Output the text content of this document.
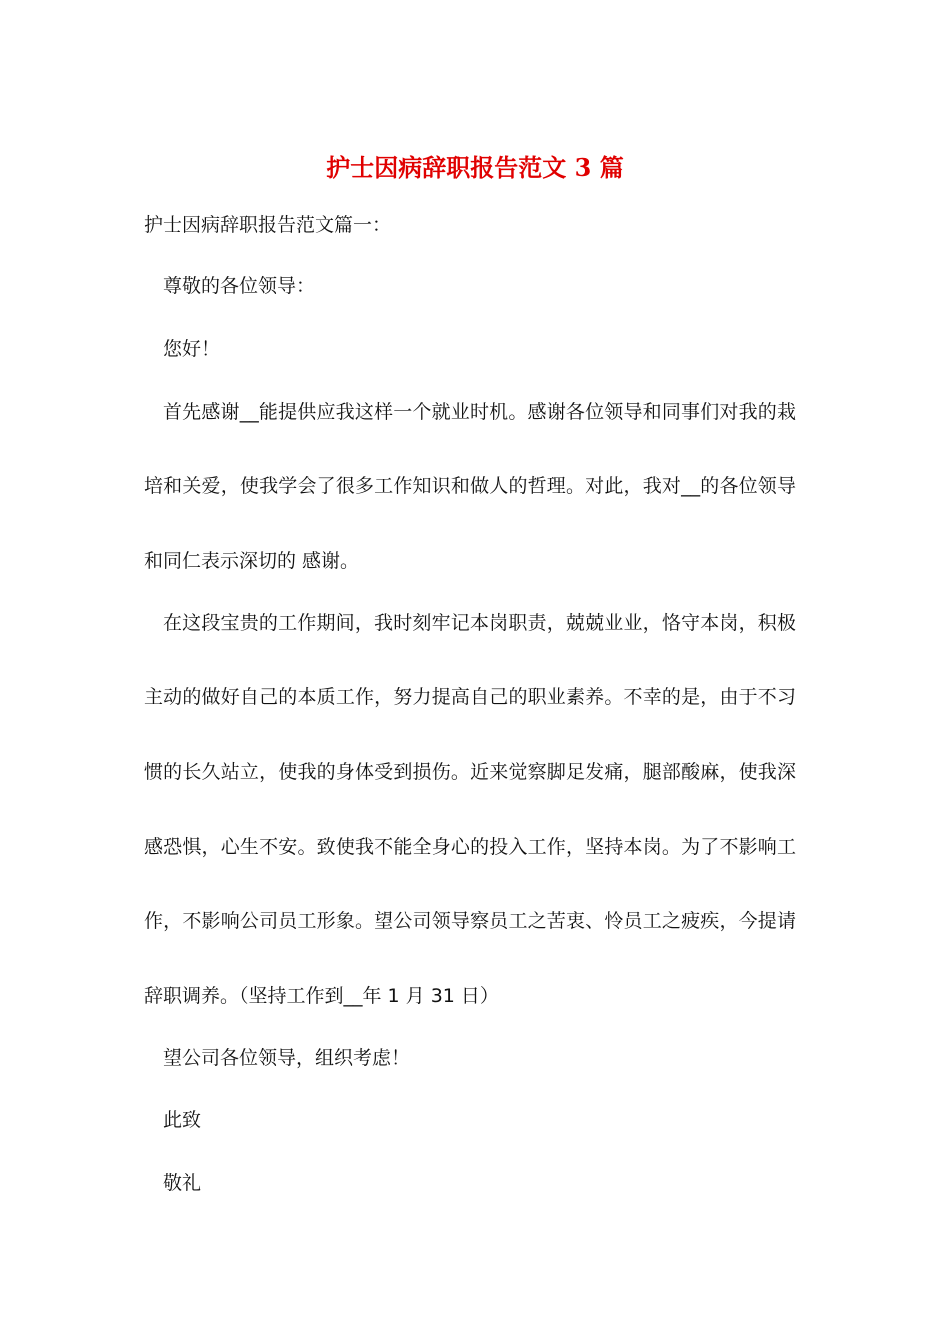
护士因病辞职报告范文 3 篇
护士因病辞职报告范文篇一：
尊敬的各位领导：
您好！
首先感谢__能提供应我这样一个就业时机。感谢各位领导和同事们对我的栽
培和关爱，使我学会了很多工作知识和做人的哲理。对此，我对__的各位领导
和同仁表示深切的 感谢。
在这段宝贵的工作期间，我时刻牢记本岗职责，兢兢业业，恪守本岗，积极
主动的做好自己的本质工作，努力提高自己的职业素养。不幸的是，由于不习
惯的长久站立，使我的身体受到损伤。近来觉察脚足发痛，腿部酸麻，使我深
感恐惧，心生不安。致使我不能全身心的投入工作，坚持本岗。为了不影响工
作，不影响公司员工形象。望公司领导察员工之苦衷、怜员工之疲疾，今提请
辞职调养。（坚持工作到__年 1 月 31 日）
望公司各位领导，组织考虑！
此致
敬礼
